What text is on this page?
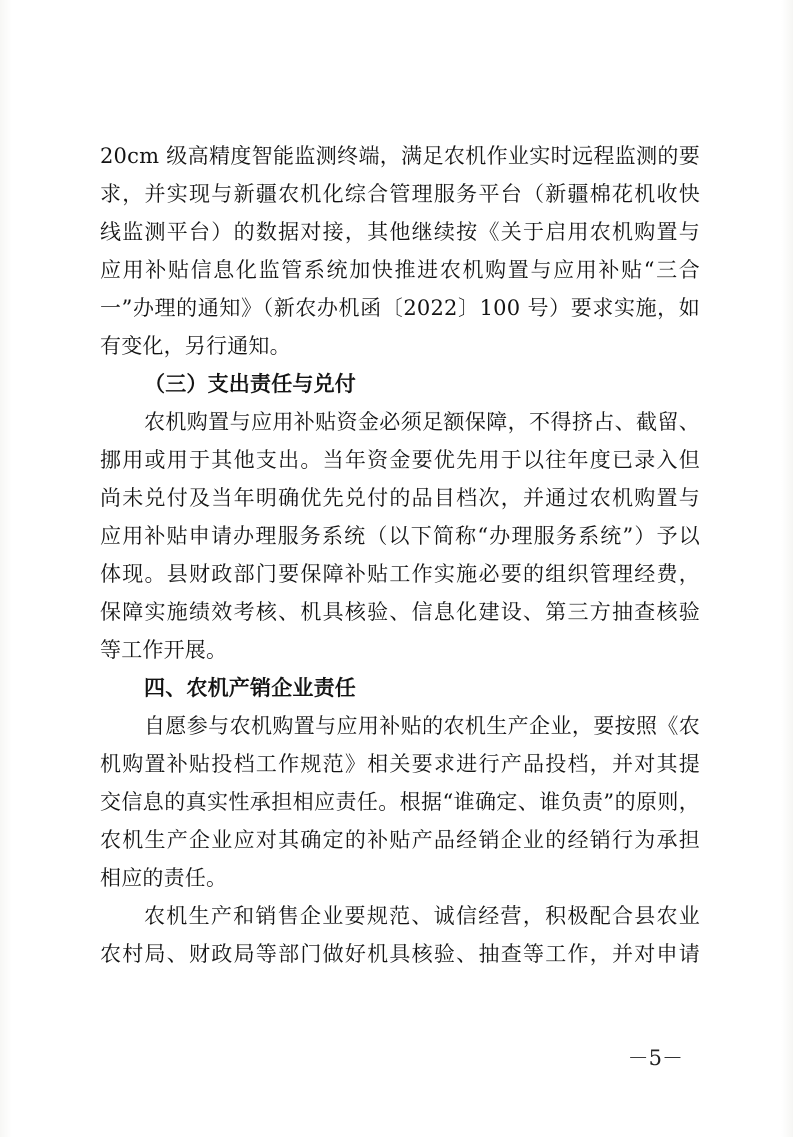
20cm 级高精度智能监测终端，满足农机作业实时远程监测的要
求，并实现与新疆农机化综合管理服务平台（新疆棉花机收快
线监测平台）的数据对接，其他继续按《关于启用农机购置与
应用补贴信息化监管系统加快推进农机购置与应用补贴“三合
一”办理的通知》（新农办机函〔2022〕100 号）要求实施，如
有变化，另行通知。
（三）支出责任与兑付
农机购置与应用补贴资金必须足额保障，不得挤占、截留、
挪用或用于其他支出。当年资金要优先用于以往年度已录入但
尚未兑付及当年明确优先兑付的品目档次，并通过农机购置与
应用补贴申请办理服务系统（以下简称“办理服务系统”）予以
体现。县财政部门要保障补贴工作实施必要的组织管理经费，
保障实施绩效考核、机具核验、信息化建设、第三方抽查核验
等工作开展。
四、农机产销企业责任
自愿参与农机购置与应用补贴的农机生产企业，要按照《农
机购置补贴投档工作规范》相关要求进行产品投档，并对其提
交信息的真实性承担相应责任。根据“谁确定、谁负责”的原则，
农机生产企业应对其确定的补贴产品经销企业的经销行为承担
相应的责任。
农机生产和销售企业要规范、诚信经营，积极配合县农业
农村局、财政局等部门做好机具核验、抽查等工作，并对申请
－5－
